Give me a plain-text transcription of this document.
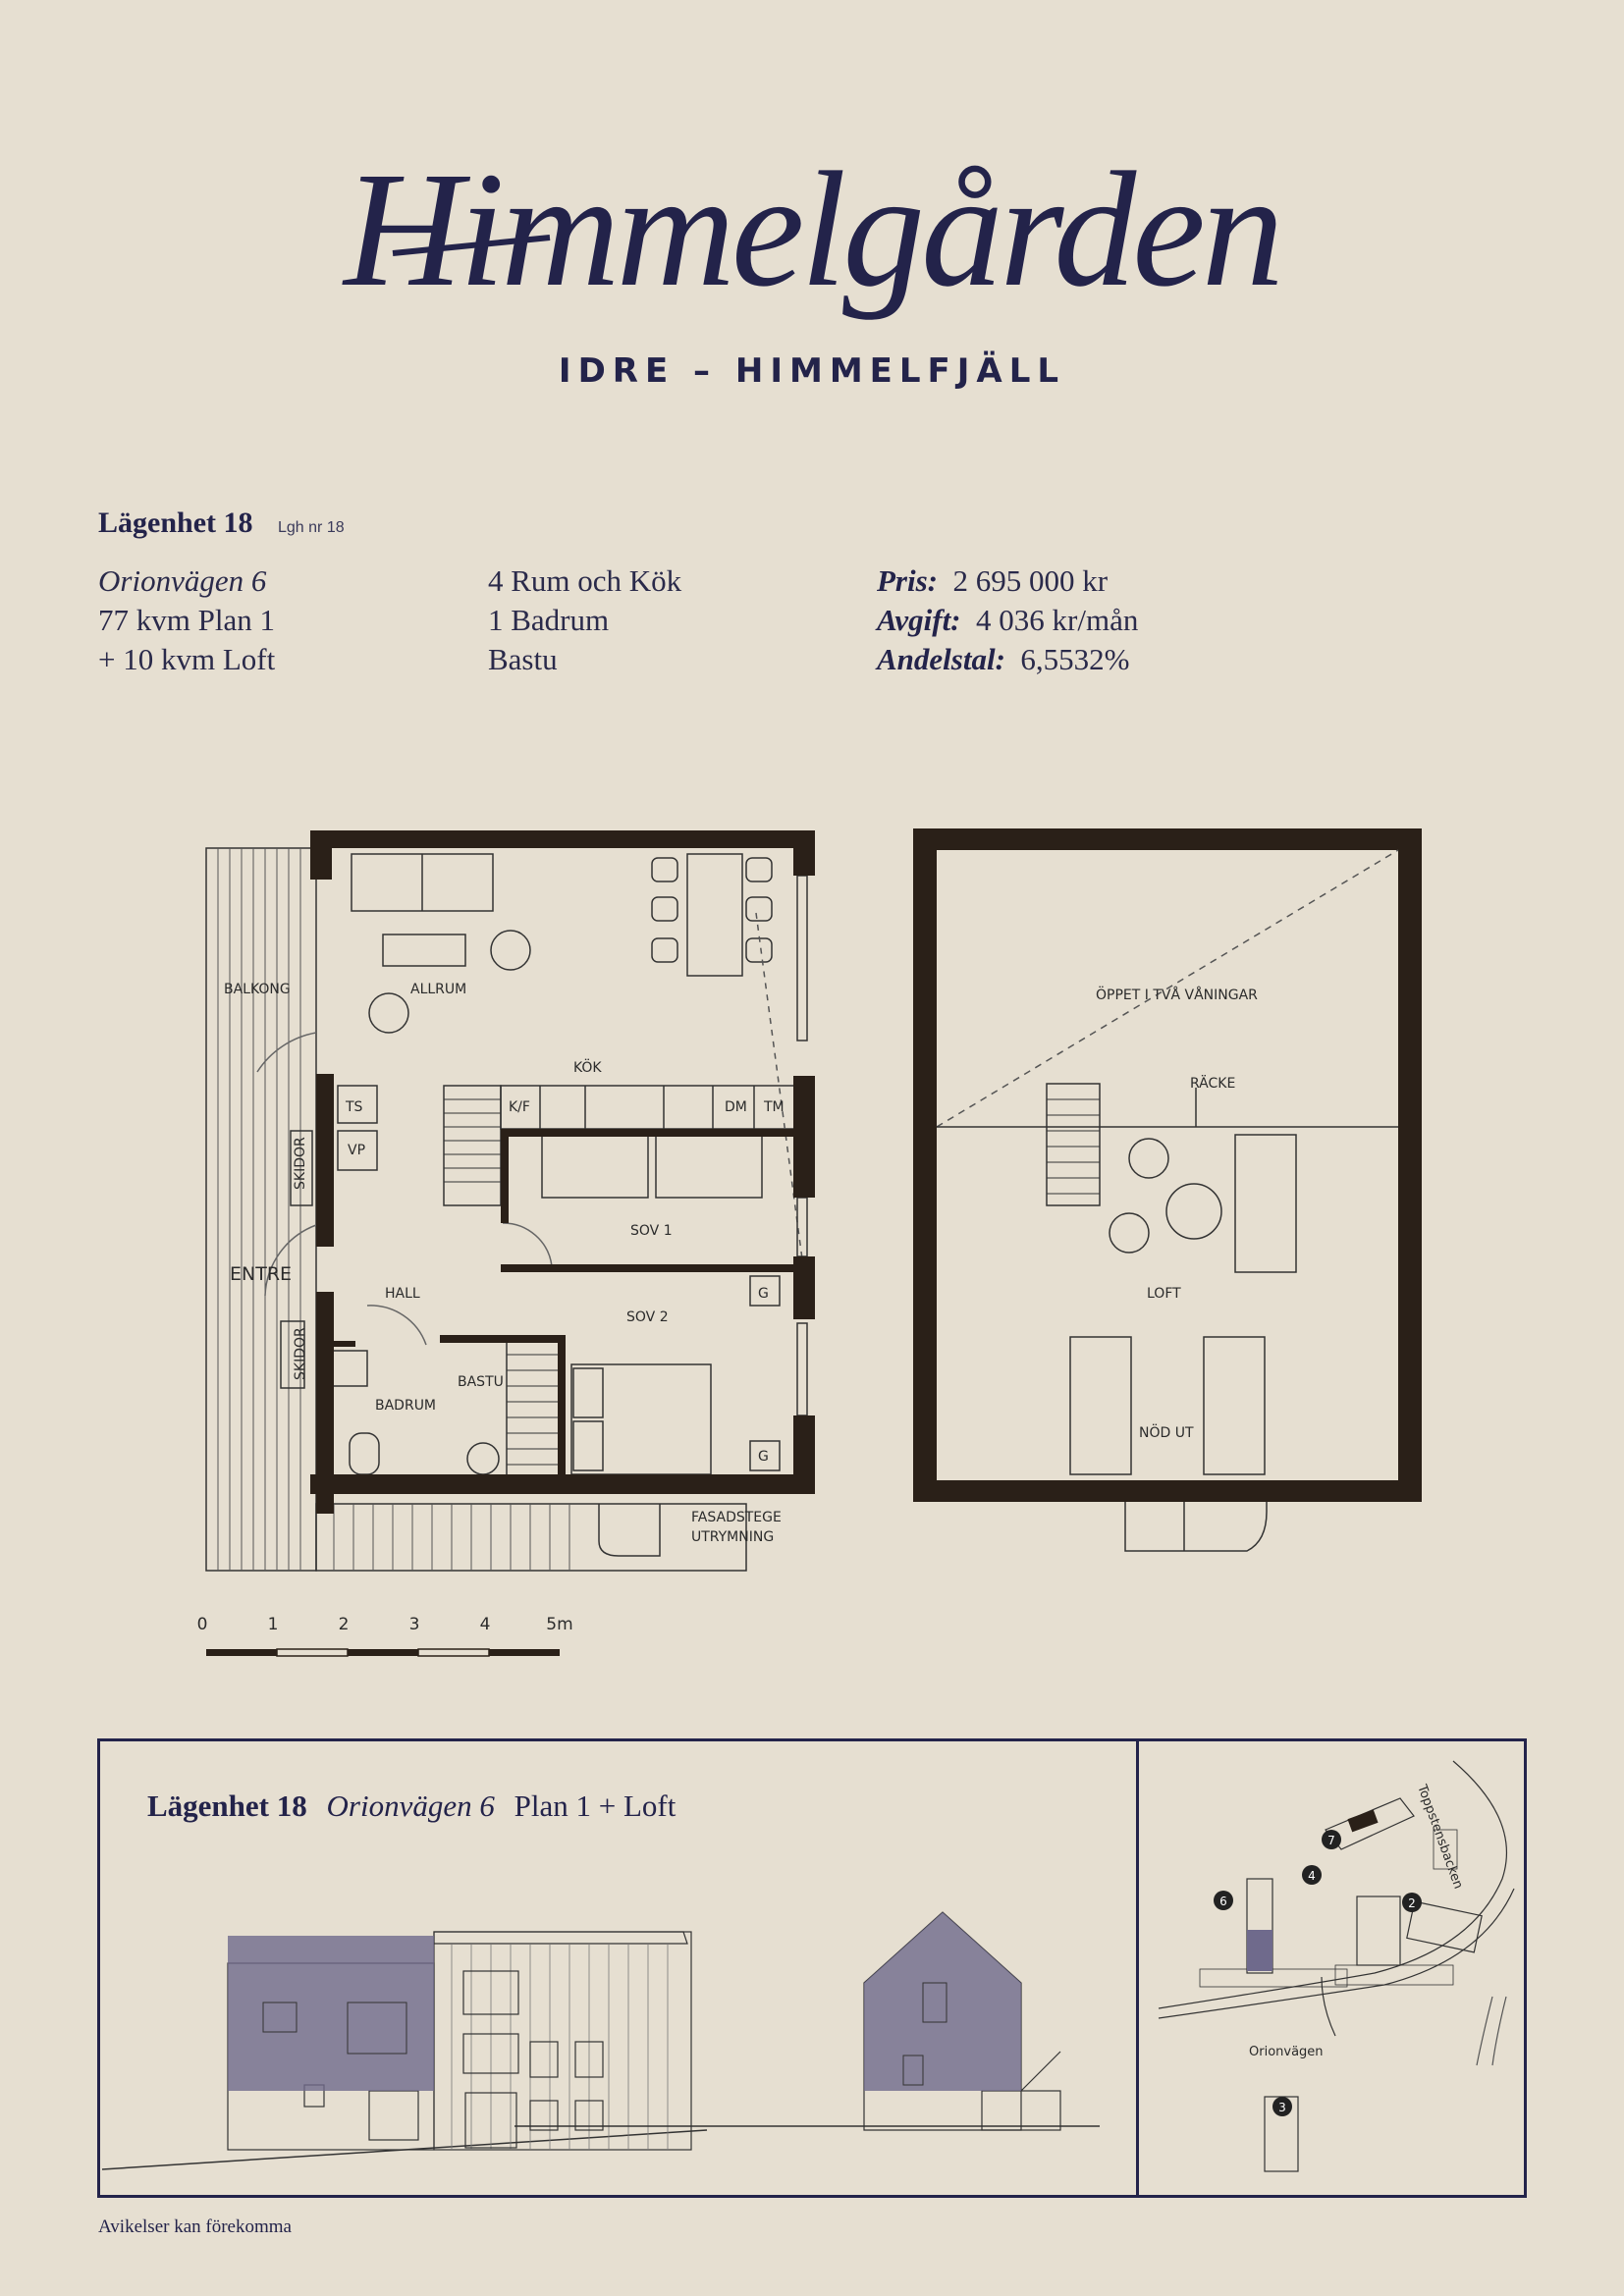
Himmelgården
IDRE – HIMMELFJÄLL
Lägenhet 18 Lgh nr 18
Orionvägen 6
77 kvm Plan 1
+ 10 kvm Loft
4 Rum och Kök
1 Badrum
Bastu
Pris: 2 695 000 kr
Avgift: 4 036 kr/mån
Andelstal: 6,5532%
BALKONG	ALLRUM
KÖK
TS	K/F	DM TM
VP
SOV 1
SOV 2
HALL
BASTU
BADRUM
G
G
FASADSTEGE
UTRYMNING
SKIDOR
SKIDOR
ENTRE
ÖPPET I TVÅ VÅNINGAR
RÄCKE
LOFT
NÖD UT
0	1	2	3	4	5m
Lägenhet 18 Orionvägen 6 Plan 1 + Loft
7
4
6	2
3
Orionvägen
Toppstensbacken
Avikelser kan förekomma
